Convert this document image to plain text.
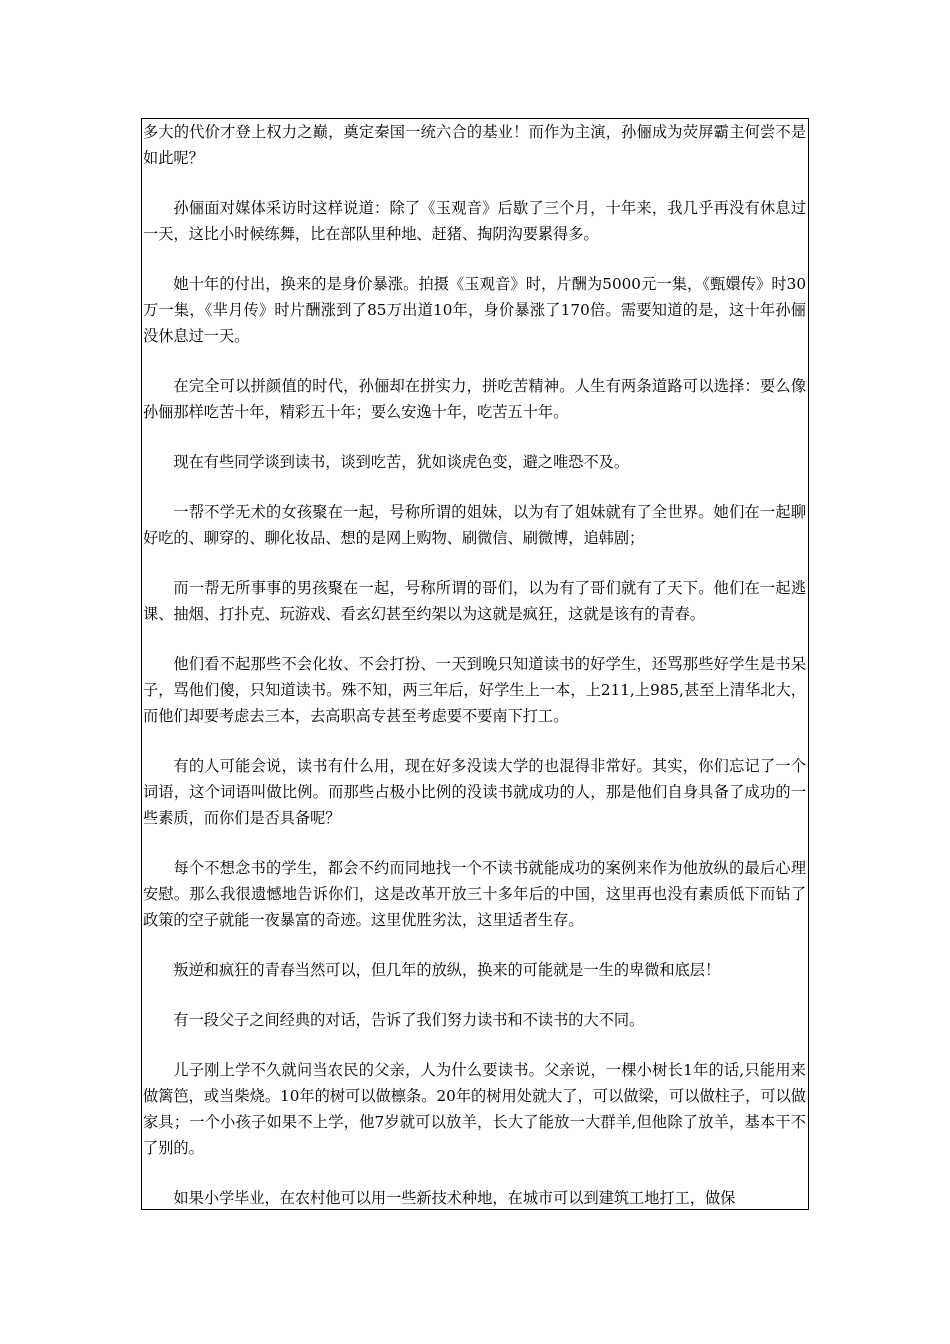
多大的代价才登上权力之巅，奠定秦国一统六合的基业！而作为主演，孙俪成为荧屏霸主何尝不是如此呢？

孙俪面对媒体采访时这样说道：除了《玉观音》后歇了三个月，十年来，我几乎再没有休息过一天，这比小时候练舞，比在部队里种地、赶猪、掏阴沟要累得多。

她十年的付出，换来的是身价暴涨。拍摄《玉观音》时，片酬为5000元一集，《甄嬛传》时30万一集，《芈月传》时片酬涨到了85万出道10年，身价暴涨了170倍。需要知道的是，这十年孙俪没休息过一天。

在完全可以拼颜值的时代，孙俪却在拼实力，拼吃苦精神。人生有两条道路可以选择：要么像孙俪那样吃苦十年，精彩五十年；要么安逸十年，吃苦五十年。

现在有些同学谈到读书，谈到吃苦，犹如谈虎色变，避之唯恐不及。

一帮不学无术的女孩聚在一起，号称所谓的姐妹，以为有了姐妹就有了全世界。她们在一起聊好吃的、聊穿的、聊化妆品、想的是网上购物、刷微信、刷微博，追韩剧；

而一帮无所事事的男孩聚在一起，号称所谓的哥们，以为有了哥们就有了天下。他们在一起逃课、抽烟、打扑克、玩游戏、看玄幻甚至约架以为这就是疯狂，这就是该有的青春。

他们看不起那些不会化妆、不会打扮、一天到晚只知道读书的好学生，还骂那些好学生是书呆子，骂他们傻，只知道读书。殊不知，两三年后，好学生上一本，上211,上985,甚至上清华北大，而他们却要考虑去三本，去高职高专甚至考虑要不要南下打工。

有的人可能会说，读书有什么用，现在好多没读大学的也混得非常好。其实，你们忘记了一个词语，这个词语叫做比例。而那些占极小比例的没读书就成功的人，那是他们自身具备了成功的一些素质，而你们是否具备呢？

每个不想念书的学生，都会不约而同地找一个不读书就能成功的案例来作为他放纵的最后心理安慰。那么我很遗憾地告诉你们，这是改革开放三十多年后的中国，这里再也没有素质低下而钻了政策的空子就能一夜暴富的奇迹。这里优胜劣汰，这里适者生存。

叛逆和疯狂的青春当然可以，但几年的放纵，换来的可能就是一生的卑微和底层！

有一段父子之间经典的对话，告诉了我们努力读书和不读书的大不同。

儿子刚上学不久就问当农民的父亲，人为什么要读书。父亲说，一棵小树长1年的话,只能用来做篱笆，或当柴烧。10年的树可以做檩条。20年的树用处就大了，可以做梁，可以做柱子，可以做家具；一个小孩子如果不上学，他7岁就可以放羊，长大了能放一大群羊,但他除了放羊，基本干不了别的。

如果小学毕业，在农村他可以用一些新技术种地，在城市可以到建筑工地打工，做保
